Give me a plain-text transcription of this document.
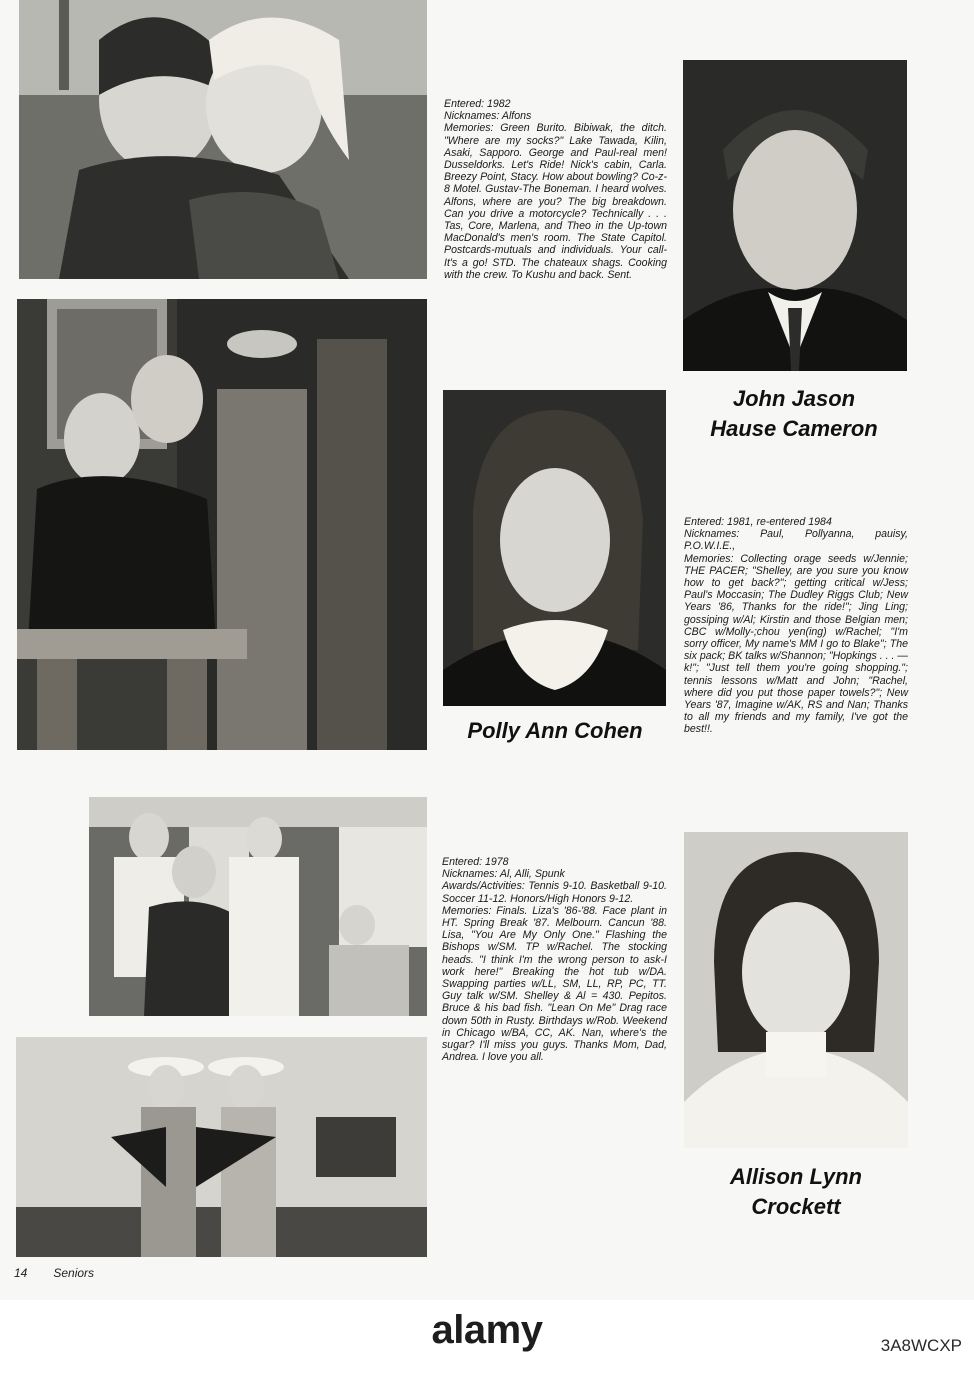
Entered: 1982

Nicknames: Alfons

Memories: Green Burito. Bibiwak, the ditch. "Where are my socks?" Lake Tawada, Kilin, Asaki, Sapporo. George and Paul-real men! Dusseldorks. Let's Ride! Nick's cabin, Carla. Breezy Point, Stacy. How about bowling? Co-z-8 Motel. Gustav-The Boneman. I heard wolves. Alfons, where are you? The big breakdown. Can you drive a motorcycle? Technically . . . Tas, Core, Marlena, and Theo in the Up-town MacDonald's men's room. The State Capitol. Postcards-mutuals and individuals. Your call-It's a go! STD. The chateaux shags. Cooking with the crew. To Kushu and back. Sent.

John Jason
Hause Cameron
Polly Ann Cohen

Entered: 1981, re-entered 1984

Nicknames: Paul, Pollyanna, pauisy, P.O.W.I.E.,

Memories: Collecting orage seeds w/Jennie; THE PACER; "Shelley, are you sure you know how to get back?"; getting critical w/Jess; Paul's Moccasin; The Dudley Riggs Club; New Years '86, Thanks for the ride!"; Jing Ling; gossiping w/Al; Kirstin and those Belgian men; CBC w/Molly-;chou yen(ing) w/Rachel; "I'm sorry officer, My name's MM I go to Blake"; The six pack; BK talks w/Shannon; "Hopkings . . . — k!"; "Just tell them you're going shopping."; tennis lessons w/Matt and John; "Rachel, where did you put those paper towels?"; New Years '87, Imagine w/AK, RS and Nan; Thanks to all my friends and my family, I've got the best!!.

Entered: 1978

Nicknames: Al, Alli, Spunk

Awards/Activities: Tennis 9-10. Basketball 9-10. Soccer 11-12. Honors/High Honors 9-12.

Memories: Finals. Liza's '86-'88. Face plant in HT. Spring Break '87. Melbourn. Cancun '88. Lisa, "You Are My Only One." Flashing the Bishops w/SM. TP w/Rachel. The stocking heads. "I think I'm the wrong person to ask-I work here!" Breaking the hot tub w/DA. Swapping parties w/LL, SM, LL, RP, PC, TT. Guy talk w/SM. Shelley & Al = 430. Pepitos. Bruce & his bad fish. "Lean On Me" Drag race down 50th in Rusty. Birthdays w/Rob. Weekend in Chicago w/BA, CC, AK. Nan, where's the sugar? I'll miss you guys. Thanks Mom, Dad, Andrea. I love you all.

Allison Lynn
Crockett
14 Seniors
alamy	3A8WCXP
